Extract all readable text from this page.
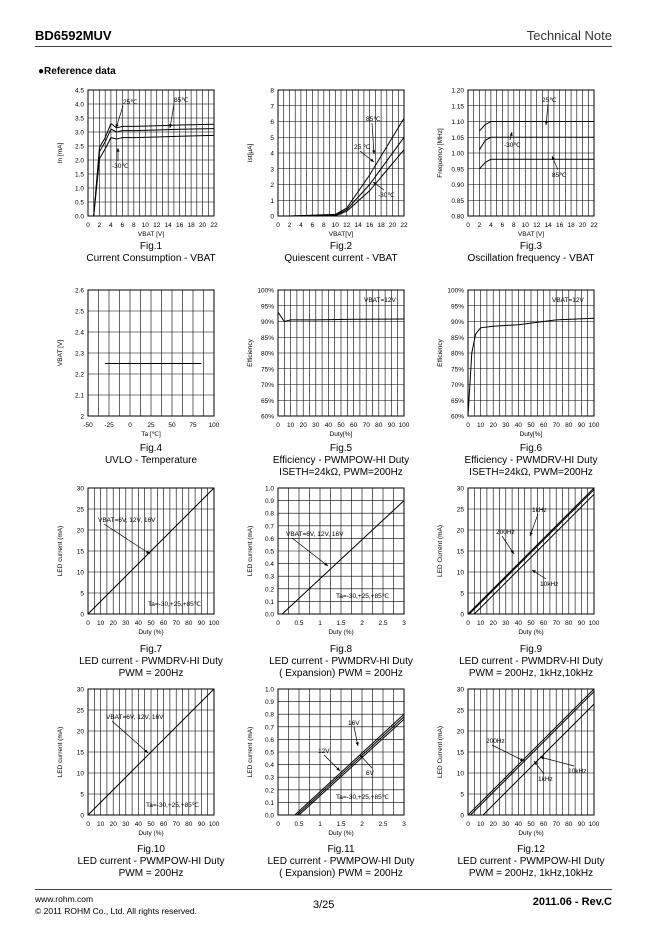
BD6592MUV	Technical Note
●Reference data
0 2 4 6 8 10 12 14 16 18 20 22
0.0
0.5
1.0
1.5
2.0
2.5
3.0
3.5
4.0
4.5
VBAT [V]
In [mA]
25℃	85℃
-30℃
Fig.1
Current Consumption - VBAT
0 2 4 6 8 10 12 14 16 18 20 22
0
1
2
3
4
5
6
7
8
VBAT[V]
Ist[μA]
85℃
25 ℃
-30℃
Fig.2
Quiescent current - VBAT
0 2 4 6 8 10 12 14 16 18 20 22
0.80
0.85
0.90
0.95
1.00
1.05
1.10
1.15
1.20
VBAT [V]
Frequency [MHz]
25℃
-30℃
85℃
Fig.3
Oscillation frequency - VBAT
-50 -25 0 25 50 75 100
2
2.1
2.2
2.3
2.4
2.5
2.6
Ta [℃]
VBAT [V]
Fig.4
UVLO - Temperature
0 10 20 30 40 50 60 70 80 90 100
60%
65%
70%
75%
80%
85%
90%
95%
100%
Duty[%]
Efficiency
VBAT=12V
Fig.5
Efficiency - PWMPOW-HI Duty
ISETH=24kΩ, PWM=200Hz
0 10 20 30 40 50 60 70 80 90 100
60%
65%
70%
75%
80%
85%
90%
95%
100%
Duty[%]
Efficiency
VBAT=12V
Fig.6
Efficiency - PWMDRV-HI Duty
ISETH=24kΩ, PWM=200Hz
0 10 20 30 40 50 60 70 80 90 100
0
5
10
15
20
25
30
Duty (%)
LED current (mA)
VBAT=6V, 12V, 16V
Ta=-30,+25,+85℃
Fig.7
LED current - PWMDRV-HI Duty
PWM = 200Hz
0 0.5 1 1.5 2 2.5 3
0.0
0.1
0.2
0.3
0.4
0.5
0.6
0.7
0.8
0.9
1.0
Duty (%)
LED current (mA)	VBAT=6V, 12V, 16V
Ta=-30,+25,+85℃
Fig.8
LED current - PWMDRV-HI Duty
( Expansion) PWM = 200Hz
0 10 20 30 40 50 60 70 80 90 100
0
5
10
15
20
25
30
Duty (%)
LED Current (mA)
1kHz
200Hz
10kHz
Fig.9
LED current - PWMDRV-HI Duty
PWM = 200Hz, 1kHz,10kHz
0 10 20 30 40 50 60 70 80 90 100
0
5
10
15
20
25
30
Duty (%)
LED current (mA)
VBAT=6V, 12V, 16V
Ta=-30,+25,+85℃
Fig.10
LED current - PWMPOW-HI Duty
PWM = 200Hz
0 0.5 1 1.5 2 2.5 3
0.0
0.1
0.2
0.3
0.4
0.5
0.6
0.7
0.8
0.9
1.0
Duty (%)
LED current (mA)
16V
12V
6V
Ta=-30,+25,+85℃
Fig.11
LED current - PWMPOW-HI Duty
( Expansion) PWM = 200Hz
0 10 20 30 40 50 60 70 80 90 100
0
5
10
15
20
25
30
Duty (%)
LED Current (mA)	200Hz
1kHz
10kHz
Fig.12
LED current - PWMPOW-HI Duty
PWM = 200Hz, 1kHz,10kHz
www.rohm.com
© 2011 ROHM Co., Ltd. All rights reserved.	3/25	2011.06 - Rev.C
